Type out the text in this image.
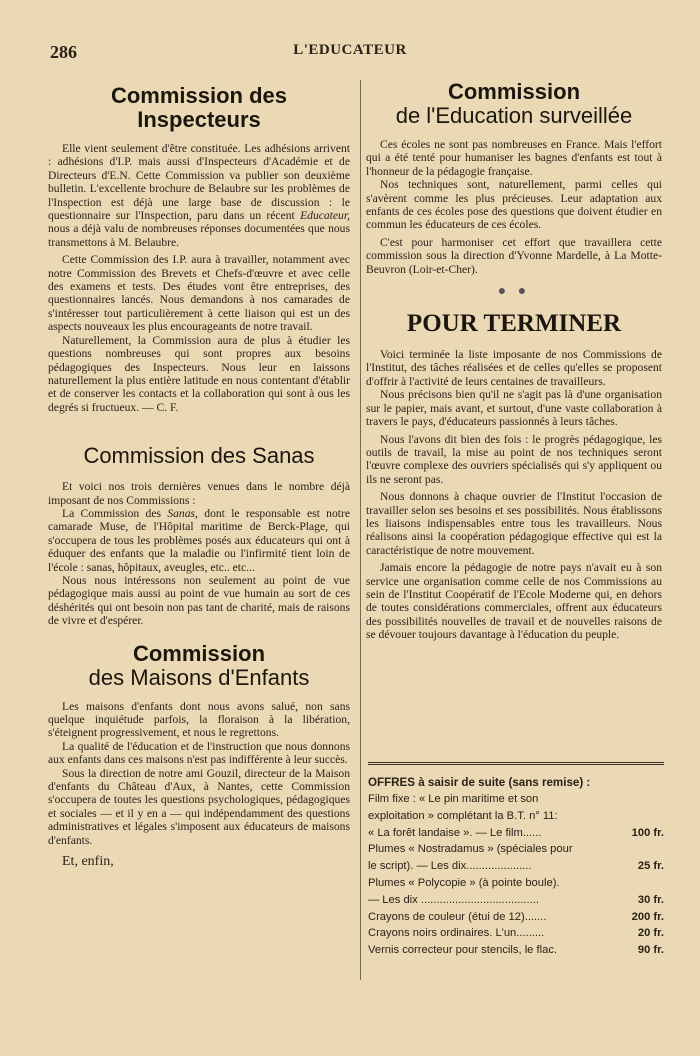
286	L'EDUCATEUR
Commission des Inspecteurs

Elle vient seulement d'être constituée. Les adhésions arrivent : adhésions d'I.P. mais aussi d'Inspecteurs d'Académie et de Directeurs d'E.N. Cette Commission va publier son deuxième bulletin. L'excellente brochure de Belaubre sur les problèmes de l'Inspection est déjà une large base de discussion : le questionnaire sur l'Inspection, paru dans un récent Educateur, nous a déjà valu de nombreuses réponses documentées que nous transmettons à M. Belaubre.

Cette Commission des I.P. aura à travailler, notamment avec notre Commission des Brevets et Chefs-d'œuvre et avec celle des examens et tests. Des études vont être entreprises, des questionnaires lancés. Nous demandons à nos camarades de s'intéresser tout particulièrement à cette liaison qui est un des aspects nouveaux les plus encourageants de notre travail.

Naturellement, la Commission aura de plus à étudier les questions nombreuses qui sont propres aux besoins pédagogiques des Inspecteurs. Nous leur en laissons naturellement la plus entière latitude en nous contentant d'établir et de conserver les contacts et la collaboration qui sont à ous les degrés si fructueux. — C. F.

Commission des Sanas

Et voici nos trois dernières venues dans le nombre déjà imposant de nos Commissions :

La Commission des Sanas, dont le responsable est notre camarade Muse, de l'Hôpital maritime de Berck-Plage, qui s'occupera de tous les problèmes posés aux éducateurs qui ont à éduquer des enfants que la maladie ou l'infirmité tient loin de l'école : sanas, hôpitaux, aveugles, etc.. etc...

Nous nous intéressons non seulement au point de vue pédagogique mais aussi au point de vue humain au sort de ces déshérités qui ont besoin non pas tant de charité, mais de raisons de vivre et d'espérer.

Commission
des Maisons d'Enfants

Les maisons d'enfants dont nous avons salué, non sans quelque inquiétude parfois, la floraison à la libération, s'éteignent progressivement, et nous le regrettons.

La qualité de l'éducation et de l'instruction que nous donnons aux enfants dans ces maisons n'est pas indifférente à leur succès.

Sous la direction de notre ami Gouzil, directeur de la Maison d'enfants du Château d'Aux, à Nantes, cette Commission s'occupera de toutes les questions psychologiques, pédagogiques et sociales — et il y en a — qui indépendamment des questions administratives et légales s'imposent aux éducateurs de maisons d'enfants.

Et, enfin,

Commission
de l'Education surveillée

Ces écoles ne sont pas nombreuses en France. Mais l'effort qui a été tenté pour humaniser les bagnes d'enfants est tout à l'honneur de la pédagogie française.

Nos techniques sont, naturellement, parmi celles qui s'avèrent comme les plus précieuses. Leur adaptation aux enfants de ces écoles pose des questions que doivent étudier en commun les éducateurs de ces écoles.

C'est pour harmoniser cet effort que travaillera cette commission sous la direction d'Yvonne Mardelle, à La Motte-Beuvron (Loir-et-Cher).

● ●
POUR TERMINER

Voici terminée la liste imposante de nos Commissions de l'Institut, des tâches réalisées et de celles qu'elles se proposent d'offrir à l'activité de leurs centaines de travailleurs.

Nous précisons bien qu'il ne s'agit pas là d'une organisation sur le papier, mais avant, et surtout, d'une vaste collaboration à travers le pays, d'éducateurs passionnés à leurs tâches.

Nous l'avons dit bien des fois : le progrès pédagogique, les outils de travail, la mise au point de nos techniques seront l'œuvre complexe des ouvriers spécialisés qui s'y appliquent ou ils ne seront pas.

Nous donnons à chaque ouvrier de l'Institut l'occasion de travailler selon ses besoins et ses possibilités. Nous établissons les liaisons indispensables entre tous les travailleurs. Nous réalisons ainsi la coopération pédagogique effective qui est la caractéristique de notre mouvement.

Jamais encore la pédagogie de notre pays n'avait eu à son service une organisation comme celle de nos Commissions au sein de l'Institut Coopératif de l'Ecole Moderne qui, en dehors de toutes considérations commerciales, offrent aux éducateurs des possibilités nouvelles de travail et de nouvelles raisons de se dévouer toujours davantage à l'éducation du peuple.

OFFRES à saisir de suite (sans remise) :
Film fixe : « Le pin maritime et son
exploitation » complétant la B.T. n° 11:
« La forêt landaise ». — Le film......	100 fr.
Plumes « Nostradamus » (spéciales pour
le script). — Les dix.....................	25 fr.
Plumes « Polycopie » (à pointe boule).
— Les dix ......................................	30 fr.
Crayons de couleur (étui de 12).......	200 fr.
Crayons noirs ordinaires. L'un.........	20 fr.
Vernis correcteur pour stencils, le flac.	90 fr.
